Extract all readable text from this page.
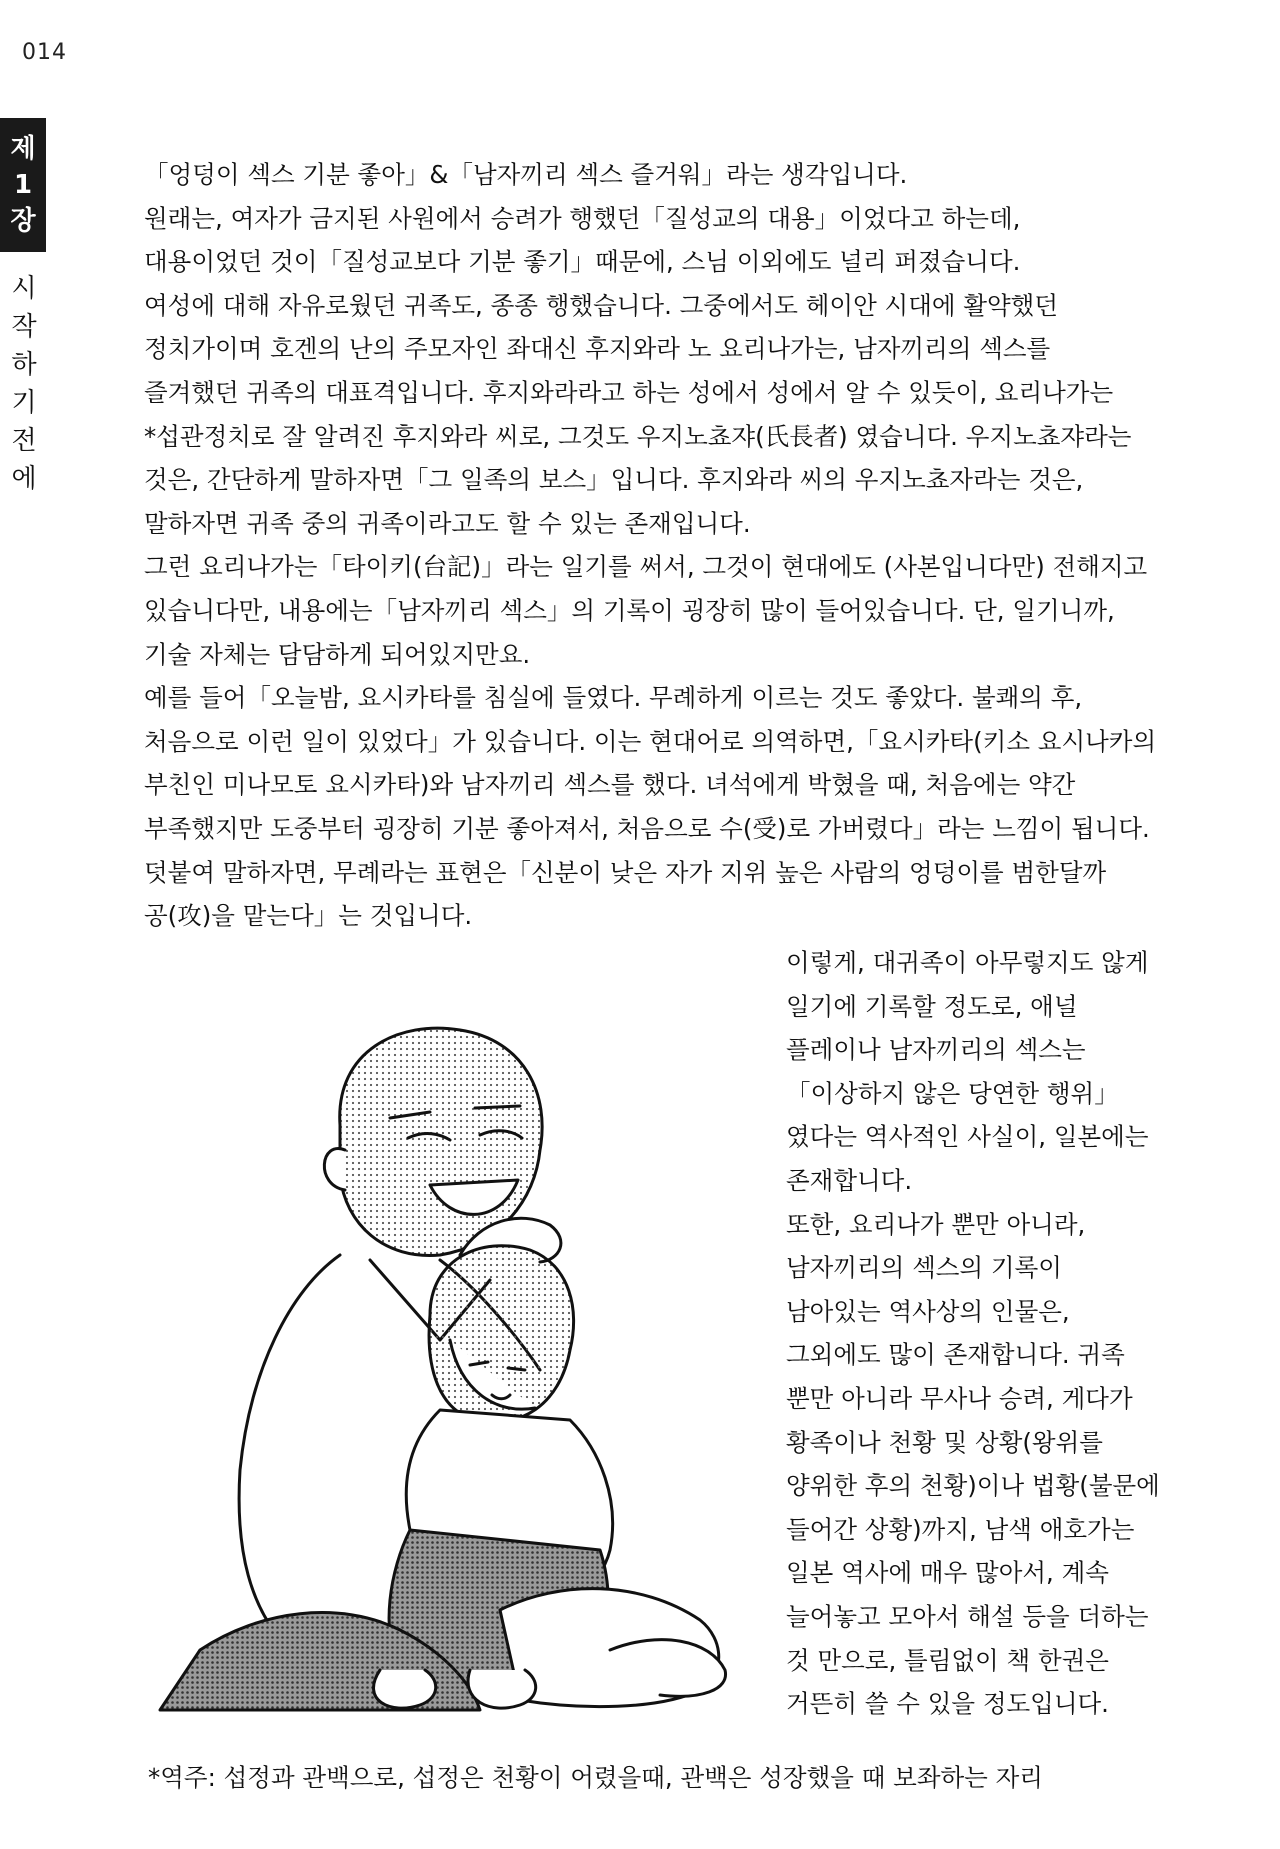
014
제
1
장
시
작
하
기
전
에

「엉덩이 섹스 기분 좋아」&「남자끼리 섹스 즐거워」라는 생각입니다.

원래는, 여자가 금지된 사원에서 승려가 행했던「질성교의 대용」이었다고 하는데,

대용이었던 것이「질성교보다 기분 좋기」때문에, 스님 이외에도 널리 퍼졌습니다.

여성에 대해 자유로웠던 귀족도, 종종 행했습니다. 그중에서도 헤이안 시대에 활약했던

정치가이며 호겐의 난의 주모자인 좌대신 후지와라 노 요리나가는, 남자끼리의 섹스를

즐겨했던 귀족의 대표격입니다. 후지와라라고 하는 성에서 성에서 알 수 있듯이, 요리나가는

*섭관정치로 잘 알려진 후지와라 씨로, 그것도 우지노쵸쟈(氏長者) 였습니다. 우지노쵸쟈라는

것은, 간단하게 말하자면「그 일족의 보스」입니다. 후지와라 씨의 우지노쵸자라는 것은,

말하자면 귀족 중의 귀족이라고도 할 수 있는 존재입니다.

그런 요리나가는「타이키(台記)」라는 일기를 써서, 그것이 현대에도 (사본입니다만) 전해지고

있습니다만, 내용에는「남자끼리 섹스」의 기록이 굉장히 많이 들어있습니다. 단, 일기니까,

기술 자체는 담담하게 되어있지만요.

예를 들어「오늘밤, 요시카타를 침실에 들였다. 무례하게 이르는 것도 좋았다. 불쾌의 후,

처음으로 이런 일이 있었다」가 있습니다. 이는 현대어로 의역하면,「요시카타(키소 요시나카의

부친인 미나모토 요시카타)와 남자끼리 섹스를 했다. 녀석에게 박혔을 때, 처음에는 약간

부족했지만 도중부터 굉장히 기분 좋아져서, 처음으로 수(受)로 가버렸다」라는 느낌이 됩니다.

덧붙여 말하자면, 무례라는 표현은「신분이 낮은 자가 지위 높은 사람의 엉덩이를 범한달까

공(攻)을 맡는다」는 것입니다.

이렇게, 대귀족이 아무렇지도 않게

일기에 기록할 정도로, 애널

플레이나 남자끼리의 섹스는

「이상하지 않은 당연한 행위」

였다는 역사적인 사실이, 일본에는

존재합니다.

또한, 요리나가 뿐만 아니라,

남자끼리의 섹스의 기록이

남아있는 역사상의 인물은,

그외에도 많이 존재합니다. 귀족

뿐만 아니라 무사나 승려, 게다가

황족이나 천황 및 상황(왕위를

양위한 후의 천황)이나 법황(불문에

들어간 상황)까지, 남색 애호가는

일본 역사에 매우 많아서, 계속

늘어놓고 모아서 해설 등을 더하는

것 만으로, 틀림없이 책 한권은

거뜬히 쓸 수 있을 정도입니다.

*역주: 섭정과 관백으로, 섭정은 천황이 어렸을때, 관백은 성장했을 때 보좌하는 자리
